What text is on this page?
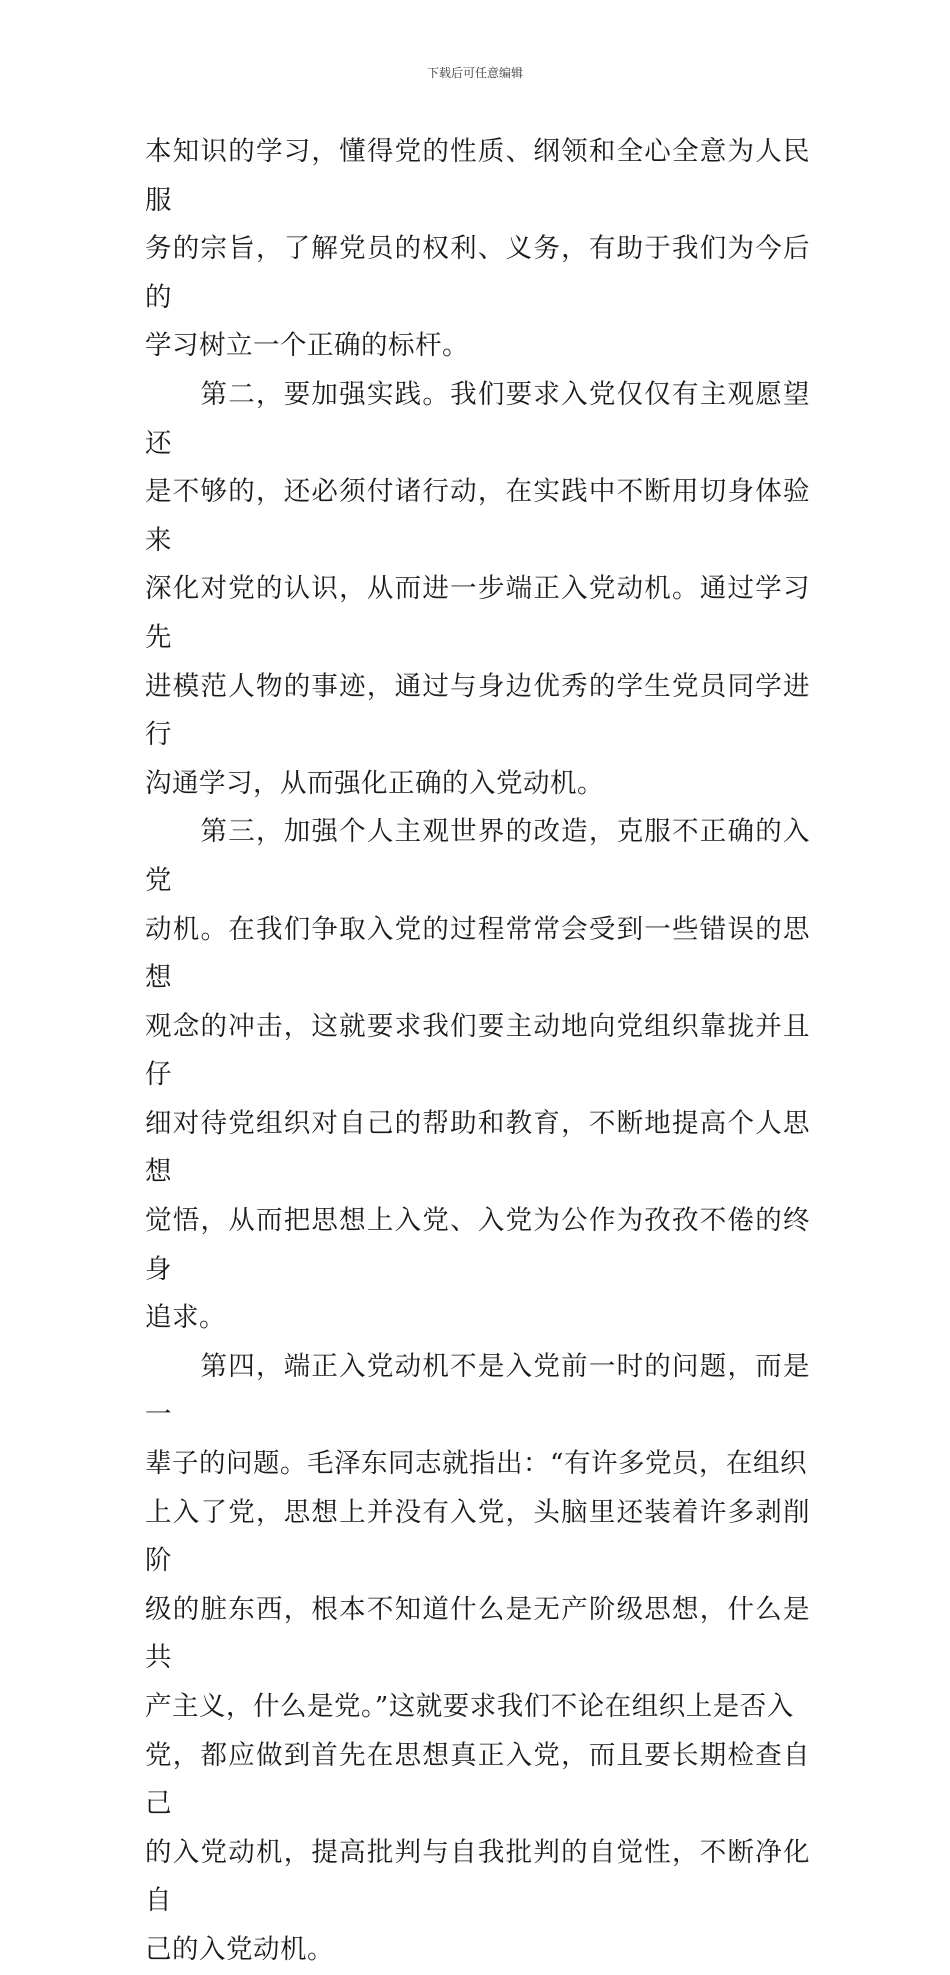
下载后可任意编辑

本知识的学习，懂得党的性质、纲领和全心全意为人民服
务的宗旨，了解党员的权利、义务，有助于我们为今后的
学习树立一个正确的标杆。

　　第二，要加强实践。我们要求入党仅仅有主观愿望还
是不够的，还必须付诸行动，在实践中不断用切身体验来
深化对党的认识，从而进一步端正入党动机。通过学习先
进模范人物的事迹，通过与身边优秀的学生党员同学进行
沟通学习，从而强化正确的入党动机。

　　第三，加强个人主观世界的改造，克服不正确的入党
动机。在我们争取入党的过程常常会受到一些错误的思想
观念的冲击，这就要求我们要主动地向党组织靠拢并且仔
细对待党组织对自己的帮助和教育，不断地提高个人思想
觉悟，从而把思想上入党、入党为公作为孜孜不倦的终身
追求。

　　第四，端正入党动机不是入党前一时的问题，而是一
辈子的问题。毛泽东同志就指出：“有许多党员，在组织
上入了党，思想上并没有入党，头脑里还装着许多剥削阶
级的脏东西，根本不知道什么是无产阶级思想，什么是共
产主义，什么是党。”这就要求我们不论在组织上是否入
党，都应做到首先在思想真正入党，而且要长期检查自己
的入党动机，提高批判与自我批判的自觉性，不断净化自
己的入党动机。
